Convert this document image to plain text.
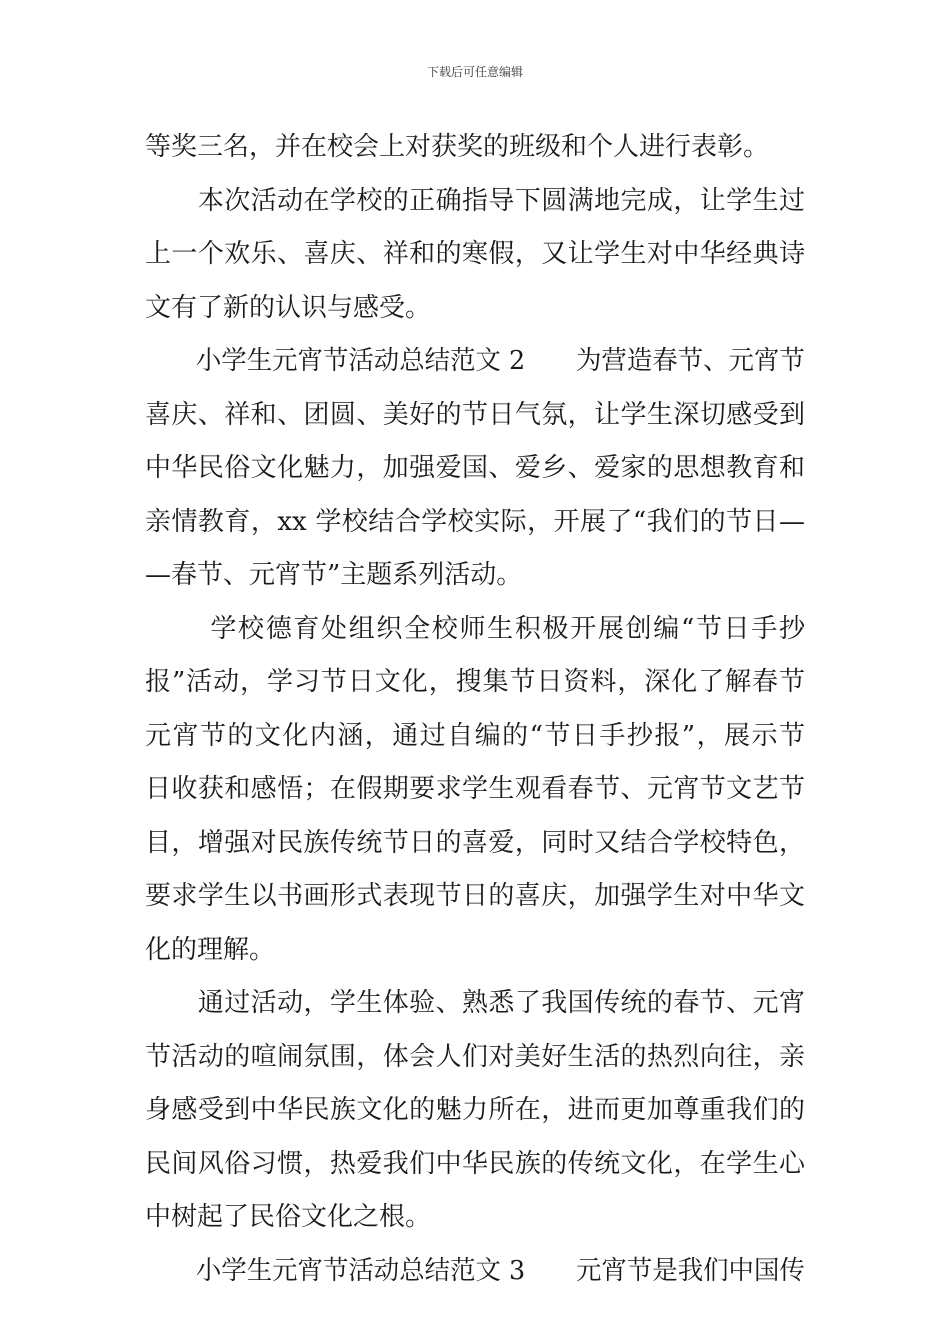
下载后可任意编辑
等奖三名，并在校会上对获奖的班级和个人进行表彰。
　　本次活动在学校的正确指导下圆满地完成，让学生过
上一个欢乐、喜庆、祥和的寒假，又让学生对中华经典诗
文有了新的认识与感受。
　　小学生元宵节活动总结范文 2　　为营造春节、元宵节
喜庆、祥和、团圆、美好的节日气氛，让学生深切感受到
中华民俗文化魅力，加强爱国、爱乡、爱家的思想教育和
亲情教育，xx 学校结合学校实际，开展了“我们的节日—
—春节、元宵节”主题系列活动。
　　 学校德育处组织全校师生积极开展创编“节日手抄
报”活动，学习节日文化，搜集节日资料，深化了解春节
元宵节的文化内涵，通过自编的“节日手抄报”，展示节
日收获和感悟；在假期要求学生观看春节、元宵节文艺节
目，增强对民族传统节日的喜爱，同时又结合学校特色，
要求学生以书画形式表现节日的喜庆，加强学生对中华文
化的理解。
　　通过活动，学生体验、熟悉了我国传统的春节、元宵
节活动的喧闹氛围，体会人们对美好生活的热烈向往，亲
身感受到中华民族文化的魅力所在，进而更加尊重我们的
民间风俗习惯，热爱我们中华民族的传统文化，在学生心
中树起了民俗文化之根。
　　小学生元宵节活动总结范文 3　　元宵节是我们中国传
